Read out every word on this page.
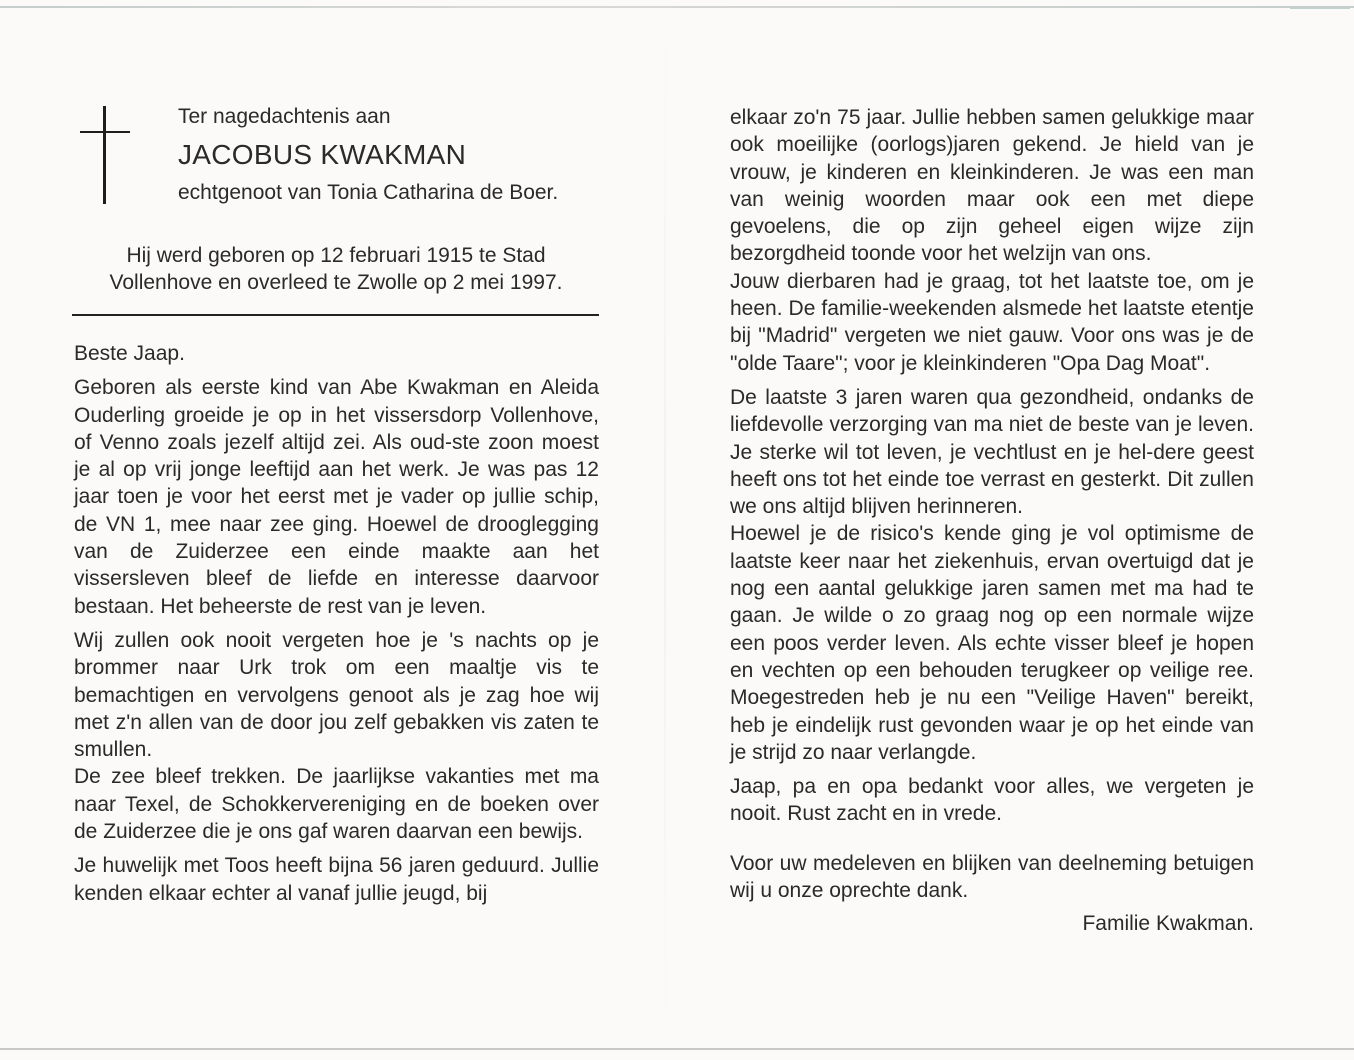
Ter nagedachtenis aan
JACOBUS KWAKMAN
echtgenoot van Tonia Catharina de Boer.
Hij werd geboren op 12 februari 1915 te Stad
Vollenhove en overleed te Zwolle op 2 mei 1997.

Beste Jaap.

Geboren als eerste kind van Abe Kwakman en Aleida Ouderling groeide je op in het vissersdorp Vollenhove, of Venno zoals jezelf altijd zei. Als oud-ste zoon moest je al op vrij jonge leeftijd aan het werk. Je was pas 12 jaar toen je voor het eerst met je vader op jullie schip, de VN 1, mee naar zee ging. Hoewel de drooglegging van de Zuiderzee een einde maakte aan het vissersleven bleef de liefde en interesse daarvoor bestaan. Het beheerste de rest van je leven.

Wij zullen ook nooit vergeten hoe je 's nachts op je brommer naar Urk trok om een maaltje vis te bemachtigen en vervolgens genoot als je zag hoe wij met z'n allen van de door jou zelf gebakken vis zaten te smullen.

De zee bleef trekken. De jaarlijkse vakanties met ma naar Texel, de Schokkervereniging en de boeken over de Zuiderzee die je ons gaf waren daarvan een bewijs.

Je huwelijk met Toos heeft bijna 56 jaren geduurd. Jullie kenden elkaar echter al vanaf jullie jeugd, bij

elkaar zo'n 75 jaar. Jullie hebben samen gelukkige maar ook moeilijke (oorlogs)jaren gekend. Je hield van je vrouw, je kinderen en kleinkinderen. Je was een man van weinig woorden maar ook een met diepe gevoelens, die op zijn geheel eigen wijze zijn bezorgdheid toonde voor het welzijn van ons.

Jouw dierbaren had je graag, tot het laatste toe, om je heen. De familie-weekenden alsmede het laatste etentje bij "Madrid" vergeten we niet gauw. Voor ons was je de "olde Taare"; voor je kleinkinderen "Opa Dag Moat".

De laatste 3 jaren waren qua gezondheid, ondanks de liefdevolle verzorging van ma niet de beste van je leven. Je sterke wil tot leven, je vechtlust en je hel-dere geest heeft ons tot het einde toe verrast en gesterkt. Dit zullen we ons altijd blijven herinneren.

Hoewel je de risico's kende ging je vol optimisme de laatste keer naar het ziekenhuis, ervan overtuigd dat je nog een aantal gelukkige jaren samen met ma had te gaan. Je wilde o zo graag nog op een normale wijze een poos verder leven. Als echte visser bleef je hopen en vechten op een behouden terugkeer op veilige ree. Moegestreden heb je nu een "Veilige Haven" bereikt, heb je eindelijk rust gevonden waar je op het einde van je strijd zo naar verlangde.

Jaap, pa en opa bedankt voor alles, we vergeten je nooit. Rust zacht en in vrede.

Voor uw medeleven en blijken van deelneming betuigen wij u onze oprechte dank.

Familie Kwakman.
